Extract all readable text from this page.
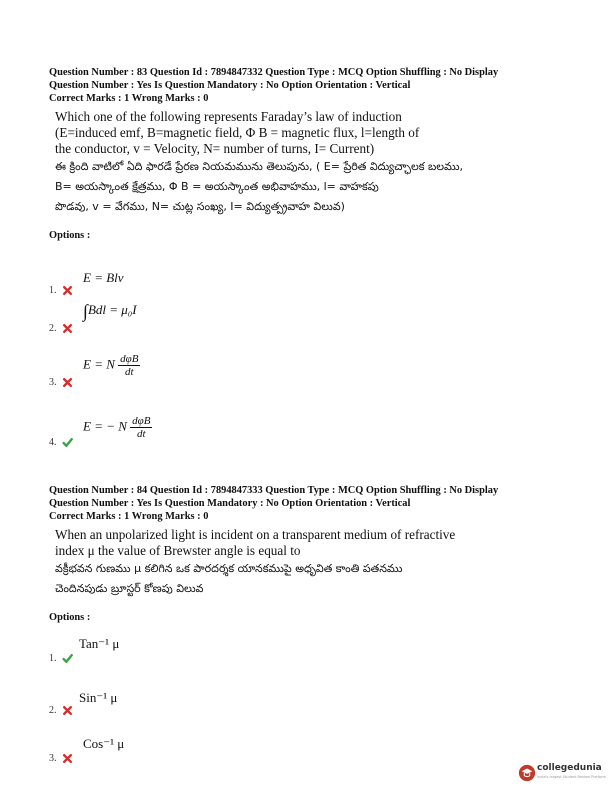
Question Number : 83 Question Id : 7894847332 Question Type : MCQ Option Shuffling : No Display
Question Number : Yes Is Question Mandatory : No Option Orientation : Vertical
Correct Marks : 1 Wrong Marks : 0
Which one of the following represents Faraday’s law of induction
(E=induced emf, B=magnetic field, Φ B = magnetic flux, l=length of
the conductor, v = Velocity, N= number of turns, I= Current)
ఈ క్రింది వాటిలో ఏది ఫారడే ప్రేరణ నియమమును తెలుపును, ( E= ప్రేరిత విద్యుచ్ఛాలక బలము,
B= అయస్కాంత క్షేత్రము, Φ B = అయస్కాంత అభివాహము, l= వాహకపు
పొడవు, v = వేగము, N= చుట్ల సంఖ్య, I= విద్యుత్ప్రవాహ విలువ)
Options :
E = Blv
1.
∫Bdl = μ₀I
2.
E = N $\frac{\text{dφB}}{dt}$
3.
E = − N $\frac{\text{dφB}}{dt}$
4.
Question Number : 84 Question Id : 7894847333 Question Type : MCQ Option Shuffling : No Display
Question Number : Yes Is Question Mandatory : No Option Orientation : Vertical
Correct Marks : 1 Wrong Marks : 0
When an unpolarized light is incident on a transparent medium of refractive
index μ the value of Brewster angle is equal to
వక్రీభవన గుణము μ కలిగిన ఒక పారదర్శక యానకముపై అధృవిత కాంతి పతనము
చెందినపుడు బ్రూస్టర్ కోణపు విలువ
Options :
Tan⁻¹ μ
1.
Sin⁻¹ μ
2.
Cos⁻¹ μ
3.
collegedunia
India's largest Student Review Platform
